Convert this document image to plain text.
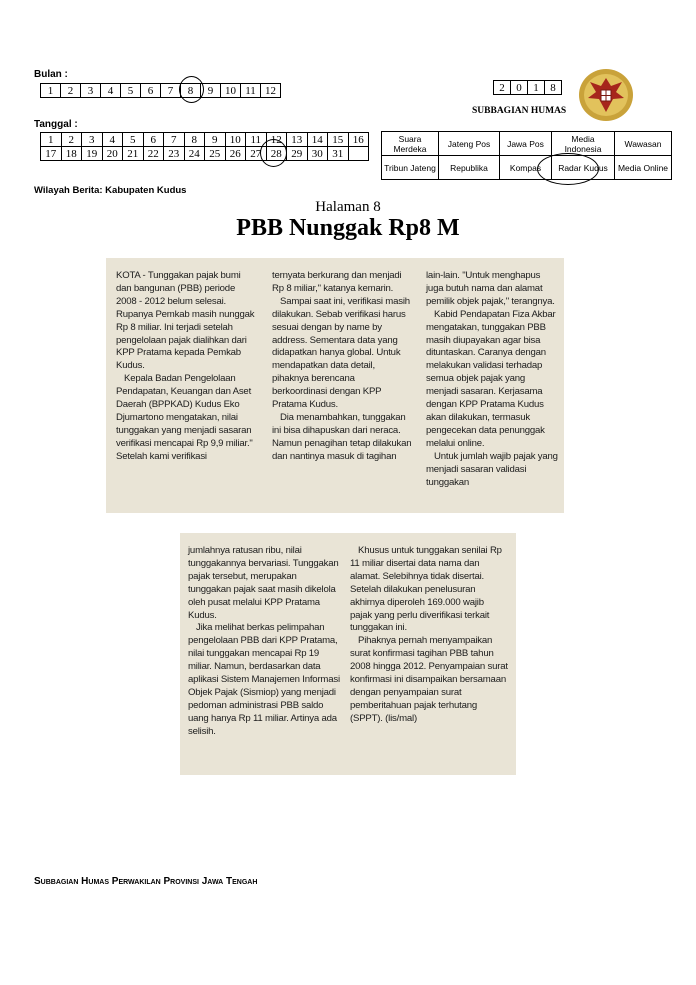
Bulan :
1	2	3	4	5	6	7	8	9	10	11	12	2	0	1	8
SUBBAGIAN HUMAS
Tanggal :
1	2	3	4	5	6	7	8	9	10	11	12	13	14	15	16
17	18	19	20	21	22	23	24	25	26	27	28	29	30	31	
Suara Merdeka	Jateng Pos	Jawa Pos	Media Indonesia	Wawasan
Tribun Jateng	Republika	Kompas	Radar Kudus	Media Online
Wilayah Berita: Kabupaten Kudus
Halaman 8
PBB Nunggak Rp8 M

KOTA - Tunggakan pajak bumi dan bangunan (PBB) periode 2008 - 2012 belum selesai. Rupanya Pemkab masih nunggak Rp 8 miliar. Ini terjadi setelah pengelolaan pajak dialihkan dari KPP Pratama kepada Pemkab Kudus.

Kepala Badan Pengelolaan Pendapatan, Keuangan dan Aset Daerah (BPPKAD) Kudus Eko Djumartono mengatakan, nilai tunggakan yang menjadi sasaran verifikasi mencapai Rp 9,9 miliar." Setelah kami verifikasi

ternyata berkurang dan menjadi Rp 8 miliar," katanya kemarin.

Sampai saat ini, verifikasi masih dilakukan. Sebab verifikasi harus sesuai dengan by name by address. Sementara data yang didapatkan hanya global. Untuk mendapatkan data detail, pihaknya berencana berkoordinasi dengan KPP Pratama Kudus.

Dia menambahkan, tunggakan ini bisa dihapuskan dari neraca. Namun penagihan tetap dilakukan dan nantinya masuk di tagihan

lain-lain. "Untuk menghapus juga butuh nama dan alamat pemilik objek pajak," terangnya.

Kabid Pendapatan Fiza Akbar mengatakan, tunggakan PBB masih diupayakan agar bisa dituntaskan. Caranya dengan melakukan validasi terhadap semua objek pajak yang menjadi sasaran. Kerjasama dengan KPP Pratama Kudus akan dilakukan, termasuk pengecekan data penunggak melalui online.

Untuk jumlah wajib pajak yang menjadi sasaran validasi tunggakan

jumlahnya ratusan ribu, nilai tunggakannya bervariasi. Tunggakan pajak tersebut, merupakan tunggakan pajak saat masih dikelola oleh pusat melalui KPP Pratama Kudus.

Jika melihat berkas pelimpahan pengelolaan PBB dari KPP Pratama, nilai tunggakan mencapai Rp 19 miliar. Namun, berdasarkan data aplikasi Sistem Manajemen Informasi Objek Pajak (Sismiop) yang menjadi pedoman administrasi PBB saldo uang hanya Rp 11 miliar. Artinya ada selisih.

Khusus untuk tunggakan senilai Rp 11 miliar disertai data nama dan alamat. Selebihnya tidak disertai. Setelah dilakukan penelusuran akhirnya diperoleh 169.000 wajib pajak yang perlu diverifikasi terkait tunggakan ini.

Pihaknya pernah menyampaikan surat konfirmasi tagihan PBB tahun 2008 hingga 2012. Penyampaian surat konfirmasi ini disampaikan bersamaan dengan penyampaian surat pemberitahuan pajak terhutang (SPPT). (lis/mal)

Subbagian Humas Perwakilan Provinsi Jawa Tengah
